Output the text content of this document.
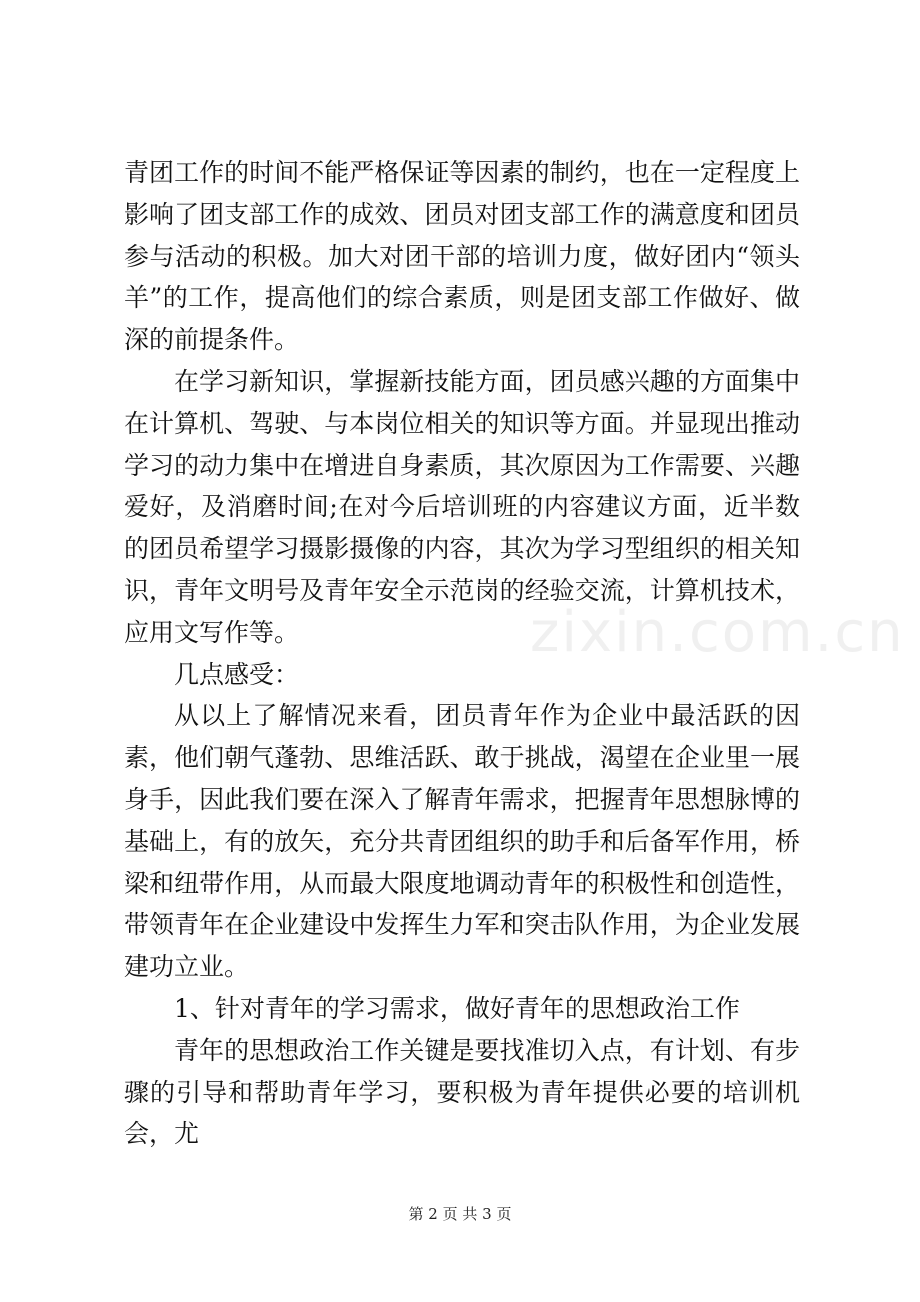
zixin.com.cn

青团工作的时间不能严格保证等因素的制约，也在一定程度上影响了团支部工作的成效、团员对团支部工作的满意度和团员参与活动的积极。加大对团干部的培训力度，做好团内“领头羊”的工作，提高他们的综合素质，则是团支部工作做好、做深的前提条件。

在学习新知识，掌握新技能方面，团员感兴趣的方面集中在计算机、驾驶、与本岗位相关的知识等方面。并显现出推动学习的动力集中在增进自身素质，其次原因为工作需要、兴趣爱好，及消磨时间;在对今后培训班的内容建议方面，近半数的团员希望学习摄影摄像的内容，其次为学习型组织的相关知识，青年文明号及青年安全示范岗的经验交流，计算机技术，应用文写作等。

几点感受：

从以上了解情况来看，团员青年作为企业中最活跃的因素，他们朝气蓬勃、思维活跃、敢于挑战，渴望在企业里一展身手，因此我们要在深入了解青年需求，把握青年思想脉博的基础上，有的放矢，充分共青团组织的助手和后备军作用，桥梁和纽带作用，从而最大限度地调动青年的积极性和创造性，带领青年在企业建设中发挥生力军和突击队作用，为企业发展建功立业。

1、针对青年的学习需求，做好青年的思想政治工作

青年的思想政治工作关键是要找准切入点，有计划、有步骤的引导和帮助青年学习，要积极为青年提供必要的培训机会，尤

第 2 页 共 3 页
